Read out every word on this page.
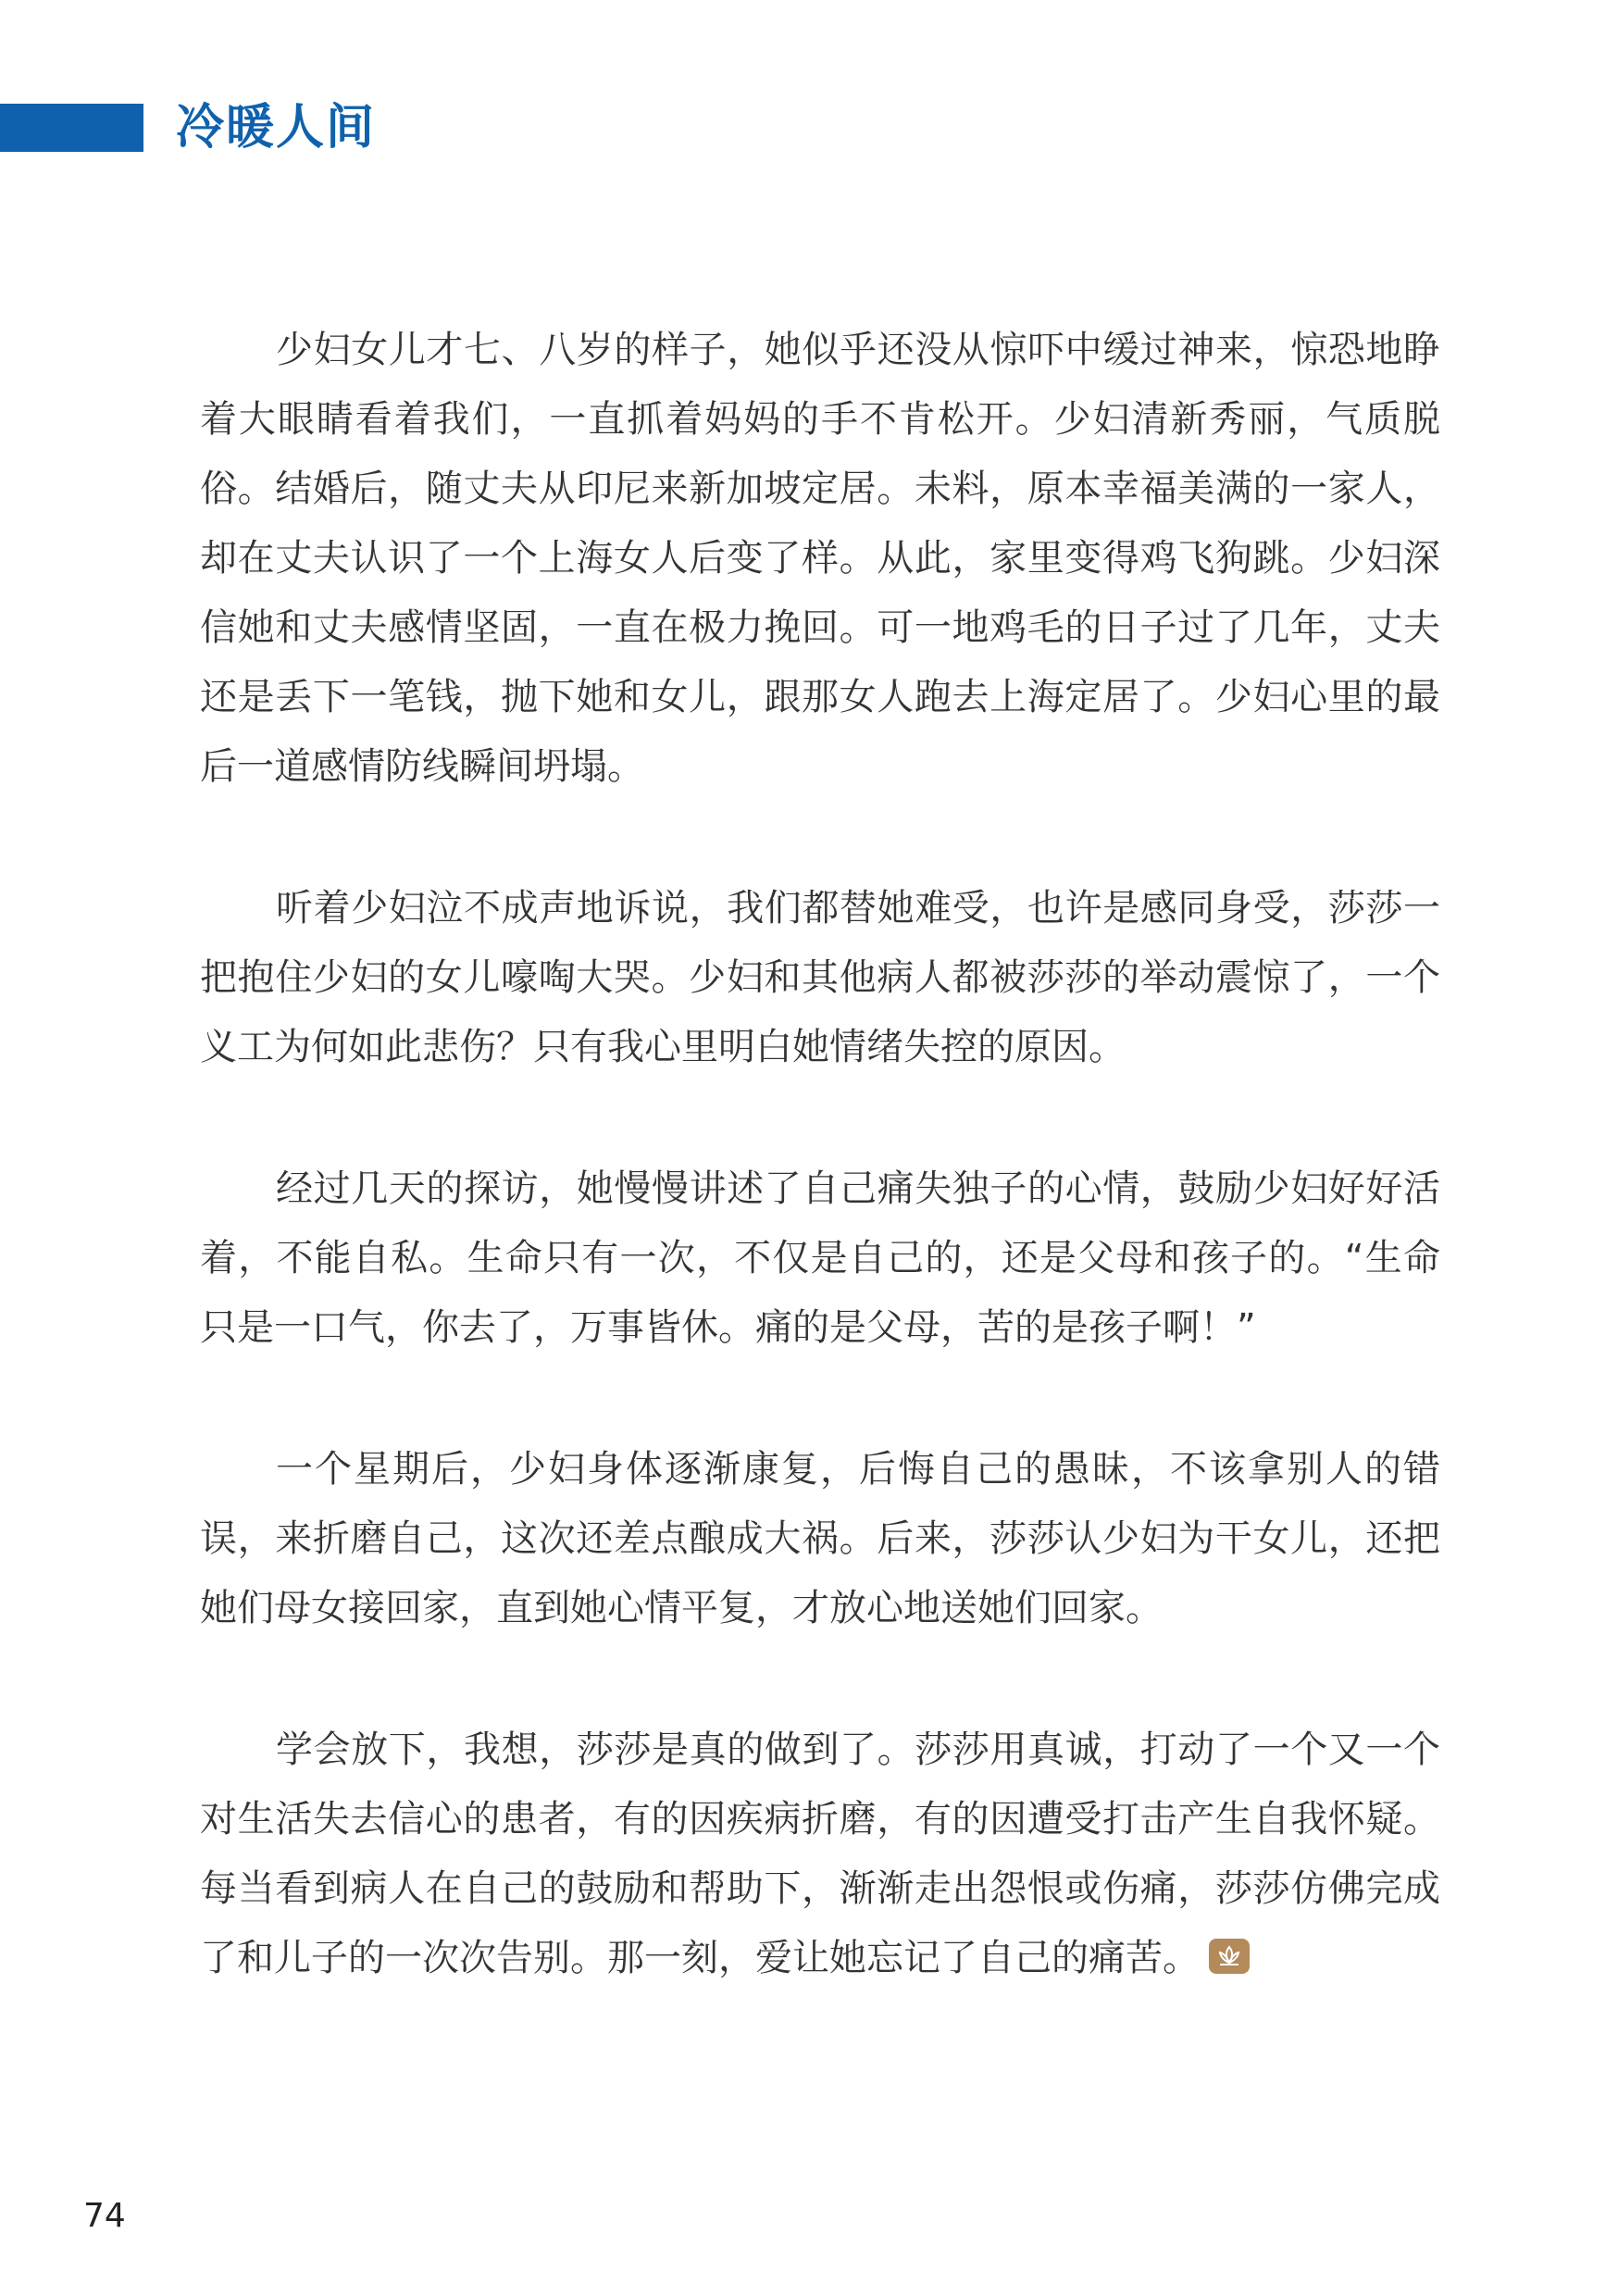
冷暖人间

少妇女儿才七、八岁的样子，她似乎还没从惊吓中缓过神来，惊恐地睁着大眼睛看着我们，一直抓着妈妈的手不肯松开。少妇清新秀丽，气质脱俗。结婚后，随丈夫从印尼来新加坡定居。未料，原本幸福美满的一家人，却在丈夫认识了一个上海女人后变了样。从此，家里变得鸡飞狗跳。少妇深信她和丈夫感情坚固，一直在极力挽回。可一地鸡毛的日子过了几年，丈夫还是丢下一笔钱，抛下她和女儿，跟那女人跑去上海定居了。少妇心里的最后一道感情防线瞬间坍塌。

听着少妇泣不成声地诉说，我们都替她难受，也许是感同身受，莎莎一把抱住少妇的女儿嚎啕大哭。少妇和其他病人都被莎莎的举动震惊了，一个义工为何如此悲伤？只有我心里明白她情绪失控的原因。

经过几天的探访，她慢慢讲述了自己痛失独子的心情，鼓励少妇好好活着，不能自私。生命只有一次，不仅是自己的，还是父母和孩子的。“生命只是一口气，你去了，万事皆休。痛的是父母，苦的是孩子啊！”

一个星期后，少妇身体逐渐康复，后悔自己的愚昧，不该拿别人的错误，来折磨自己，这次还差点酿成大祸。后来，莎莎认少妇为干女儿，还把她们母女接回家，直到她心情平复，才放心地送她们回家。

学会放下，我想，莎莎是真的做到了。莎莎用真诚，打动了一个又一个对生活失去信心的患者，有的因疾病折磨，有的因遭受打击产生自我怀疑。每当看到病人在自己的鼓励和帮助下，渐渐走出怨恨或伤痛，莎莎仿佛完成了和儿子的一次次告别。那一刻，爱让她忘记了自己的痛苦。

74
